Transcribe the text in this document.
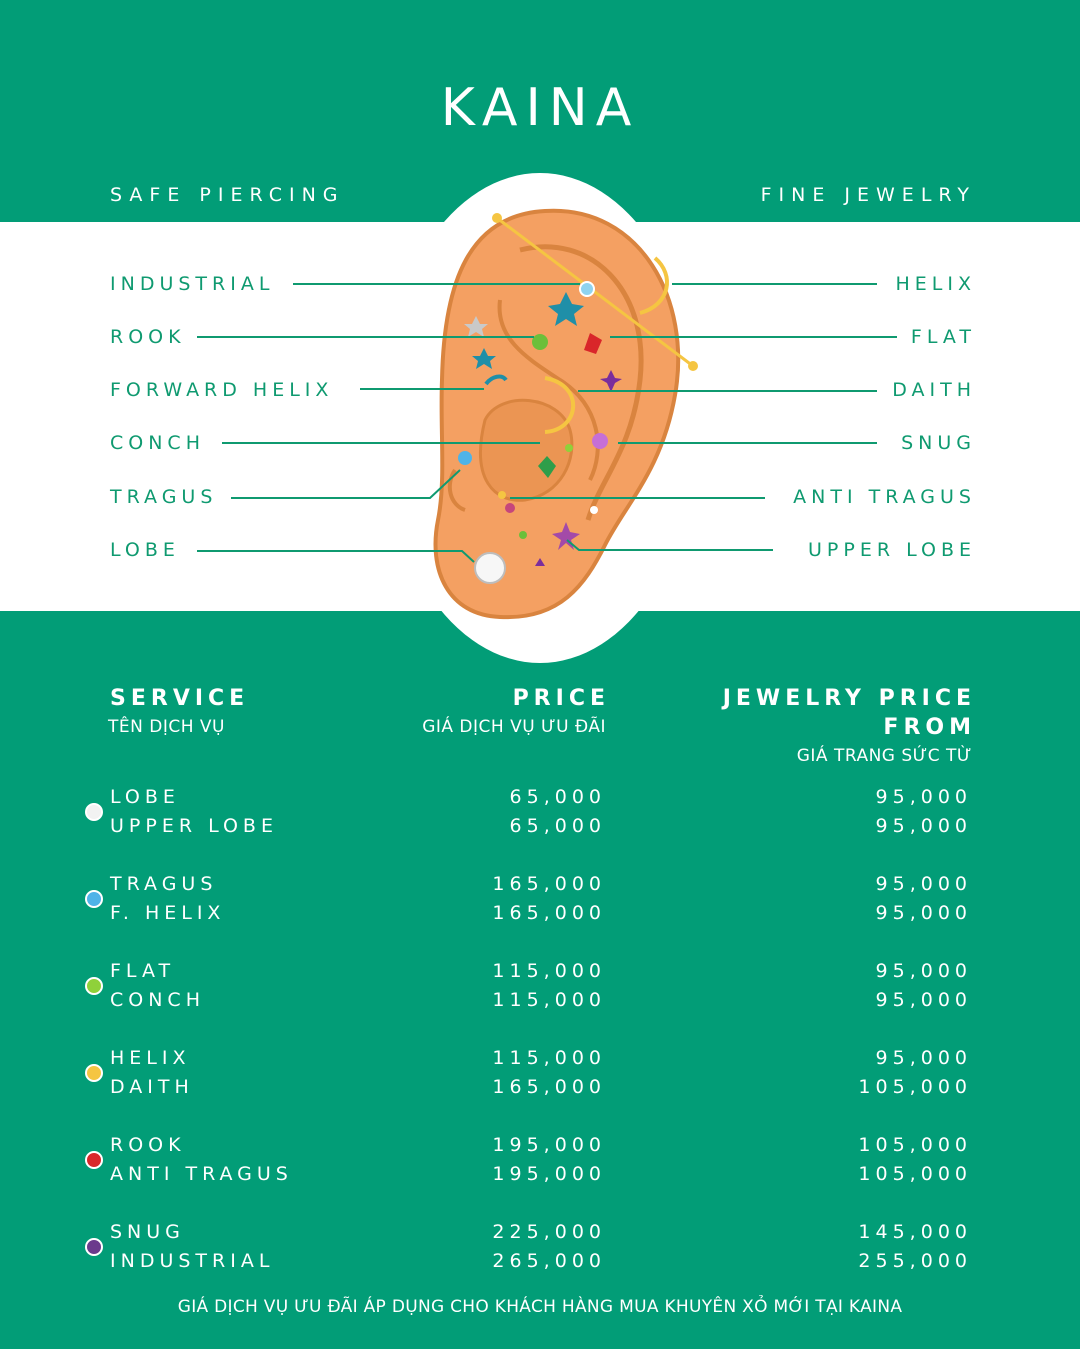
KAINA
SAFE PIERCING	FINE JEWELRY
INDUSTRIAL
ROOK
FORWARD HELIX
CONCH
TRAGUS
LOBE
HELIX
FLAT
DAITH
SNUG
ANTI TRAGUS
UPPER LOBE
SERVICE
TÊN DỊCH VỤ
PRICE
GIÁ DỊCH VỤ ƯU ĐÃI
JEWELRY PRICE
FROM
GIÁ TRANG SỨC TỪ
LOBE	65,000	95,000
UPPER LOBE	65,000	95,000
TRAGUS	165,000	95,000
F. HELIX	165,000	95,000
FLAT	115,000	95,000
CONCH	115,000	95,000
HELIX	115,000	95,000
DAITH	165,000	105,000
ROOK	195,000	105,000
ANTI TRAGUS	195,000	105,000
SNUG	225,000	145,000
INDUSTRIAL	265,000	255,000
GIÁ DỊCH VỤ ƯU ĐÃI ÁP DỤNG CHO KHÁCH HÀNG MUA KHUYÊN XỎ MỚI TẠI KAINA
